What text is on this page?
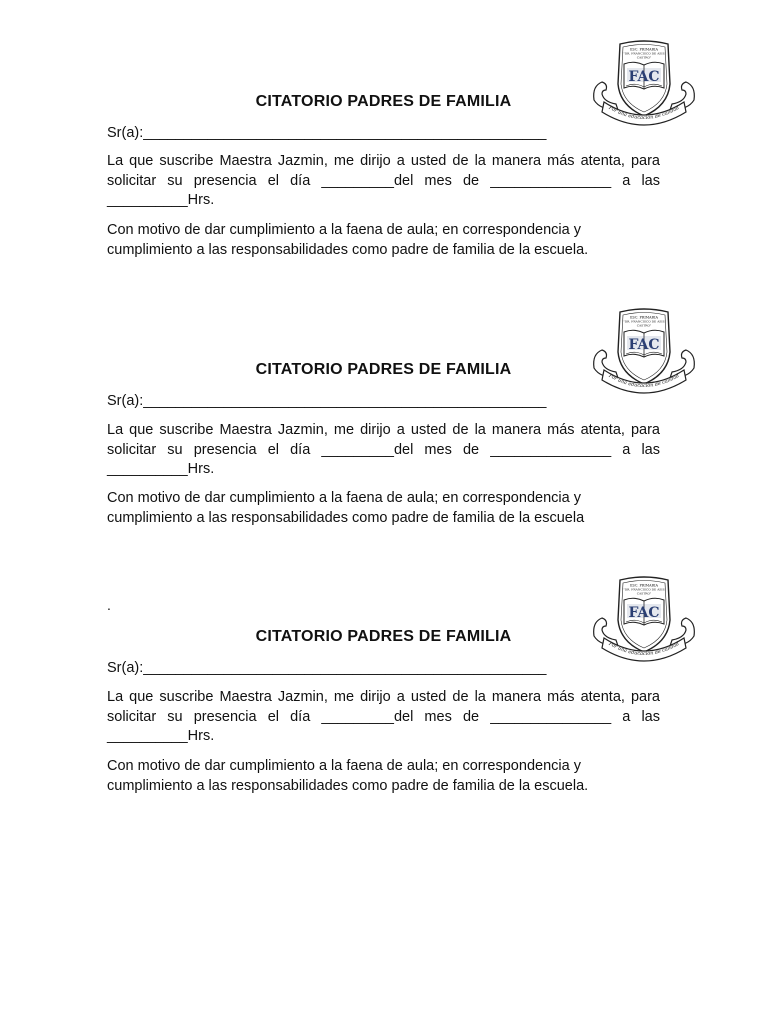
CITATORIO PADRES DE FAMILIA
Sr(a):__________________________________________________
La que suscribe Maestra Jazmin, me dirijo a usted de la manera más atenta, para solicitar su presencia el día _________del mes de _______________ a las __________Hrs.
Con motivo de dar cumplimiento a la faena de aula; en correspondencia y cumplimiento a las responsabilidades como padre de familia de la escuela.
CITATORIO PADRES DE FAMILIA
Sr(a):__________________________________________________
La que suscribe Maestra Jazmin, me dirijo a usted de la manera más atenta, para solicitar su presencia el día _________del mes de _______________ a las __________Hrs.
Con motivo de dar cumplimiento a la faena de aula; en correspondencia y cumplimiento a las responsabilidades como padre de familia de la escuela
.
CITATORIO PADRES DE FAMILIA
Sr(a):__________________________________________________
La que suscribe Maestra Jazmin, me dirijo a usted de la manera más atenta, para solicitar su presencia el día _________del mes de _______________ a las __________Hrs.
Con motivo de dar cumplimiento a la faena de aula; en correspondencia y cumplimiento a las responsabilidades como padre de familia de la escuela.
ESC. PRIMARIA
"DR. FRANCISCO DE ASIS
CASTRO"
FAC
Por una educación de calidad
ESC. PRIMARIA
"DR. FRANCISCO DE ASIS
CASTRO"
FAC
Por una educación de calidad
ESC. PRIMARIA
"DR. FRANCISCO DE ASIS
CASTRO"
FAC
Por una educación de calidad
